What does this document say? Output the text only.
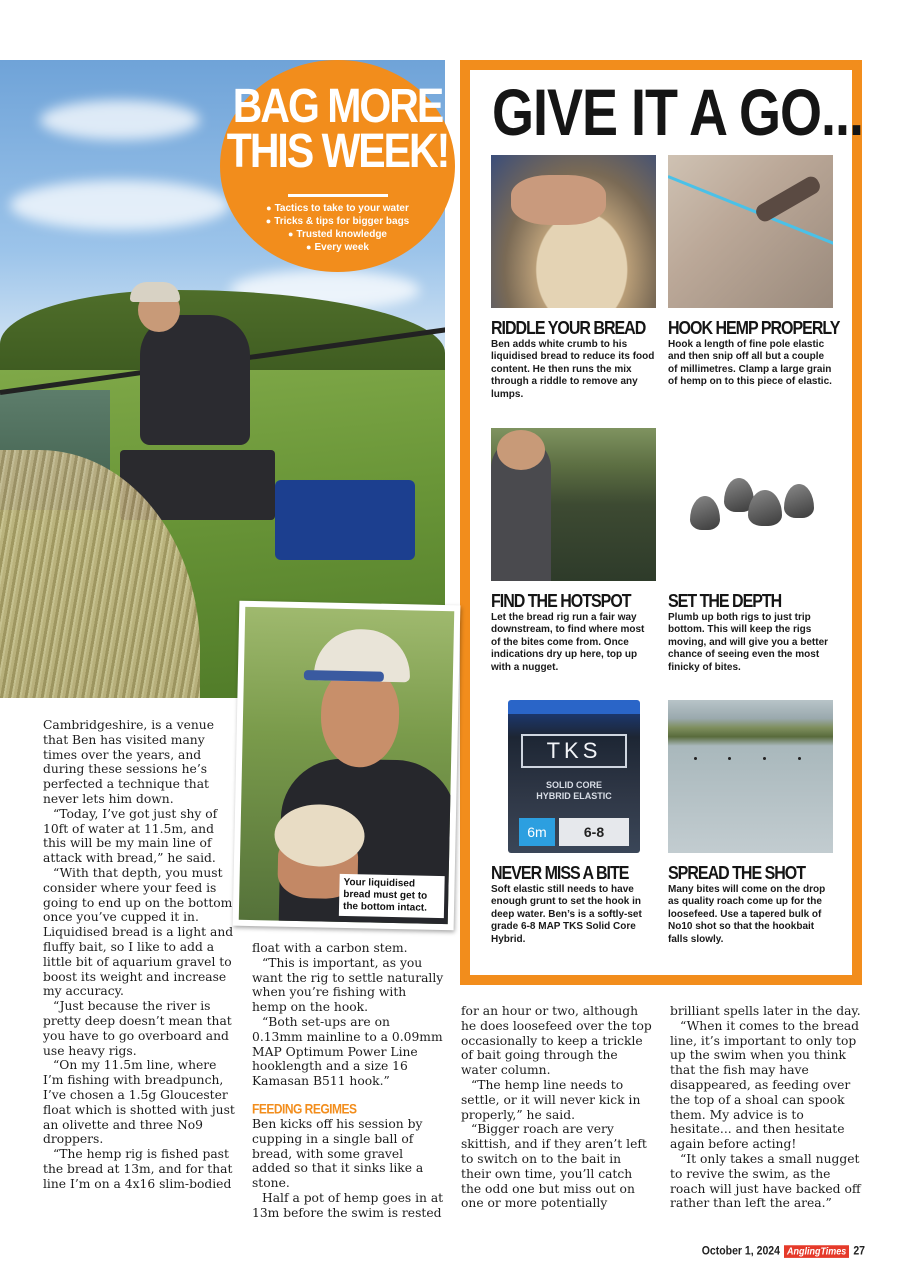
BAG MORE
THIS WEEK!
● Tactics to take to your water
● Tricks & tips for bigger bags
● Trusted knowledge
● Every week
GIVE IT A GO...
RIDDLE YOUR BREAD
Ben adds white crumb to his liquidised bread to reduce its food content. He then runs the mix through a riddle to remove any lumps.
HOOK HEMP PROPERLY
Hook a length of fine pole elastic and then snip off all but a couple of millimetres. Clamp a large grain of hemp on to this piece of elastic.
FIND THE HOTSPOT
Let the bread rig run a fair way downstream, to find where most of the bites come from. Once indications dry up here, top up with a nugget.
SET THE DEPTH
Plumb up both rigs to just trip bottom. This will keep the rigs moving, and will give you a better chance of seeing even the most finicky of bites.
TKS
SOLID CORE
HYBRID ELASTIC
6m	6-8
NEVER MISS A BITE
Soft elastic still needs to have enough grunt to set the hook in deep water. Ben’s is a softly-set grade 6-8 MAP TKS Solid Core Hybrid.
SPREAD THE SHOT
Many bites will come on the drop as quality roach come up for the loosefeed. Use a tapered bulk of No10 shot so that the hookbait falls slowly.
Your liquidised bread must get to the bottom intact.

Cambridgeshire, is a venue that Ben has visited many times over the years, and during these sessions he’s perfected a technique that never lets him down.

“Today, I’ve got just shy of 10ft of water at 11.5m, and this will be my main line of attack with bread,” he said.

“With that depth, you must consider where your feed is going to end up on the bottom once you’ve cupped it in. Liquidised bread is a light and fluffy bait, so I like to add a little bit of aquarium gravel to boost its weight and increase my accuracy.

“Just because the river is pretty deep doesn’t mean that you have to go overboard and use heavy rigs.

“On my 11.5m line, where I’m fishing with breadpunch, I’ve chosen a 1.5g Gloucester float which is shotted with just an olivette and three No9 droppers.

“The hemp rig is fished past the bread at 13m, and for that line I’m on a 4x16 slim-bodied

float with a carbon stem.

“This is important, as you want the rig to settle naturally when you’re fishing with hemp on the hook.

“Both set-ups are on 0.13mm mainline to a 0.09mm MAP Optimum Power Line hooklength and a size 16 Kamasan B511 hook.”

FEEDING REGIMES

Ben kicks off his session by cupping in a single ball of bread, with some gravel added so that it sinks like a stone.

Half a pot of hemp goes in at 13m before the swim is rested

for an hour or two, although he does loosefeed over the top occasionally to keep a trickle of bait going through the water column.

“The hemp line needs to settle, or it will never kick in properly,” he said.

“Bigger roach are very skittish, and if they aren’t left to switch on to the bait in their own time, you’ll catch the odd one but miss out on one or more potentially

brilliant spells later in the day.

“When it comes to the bread line, it’s important to only top up the swim when you think that the fish may have disappeared, as feeding over the top of a shoal can spook them. My advice is to hesitate... and then hesitate again before acting!

“It only takes a small nugget to revive the swim, as the roach will just have backed off rather than left the area.”

October 1, 2024 AnglingTimes 27
